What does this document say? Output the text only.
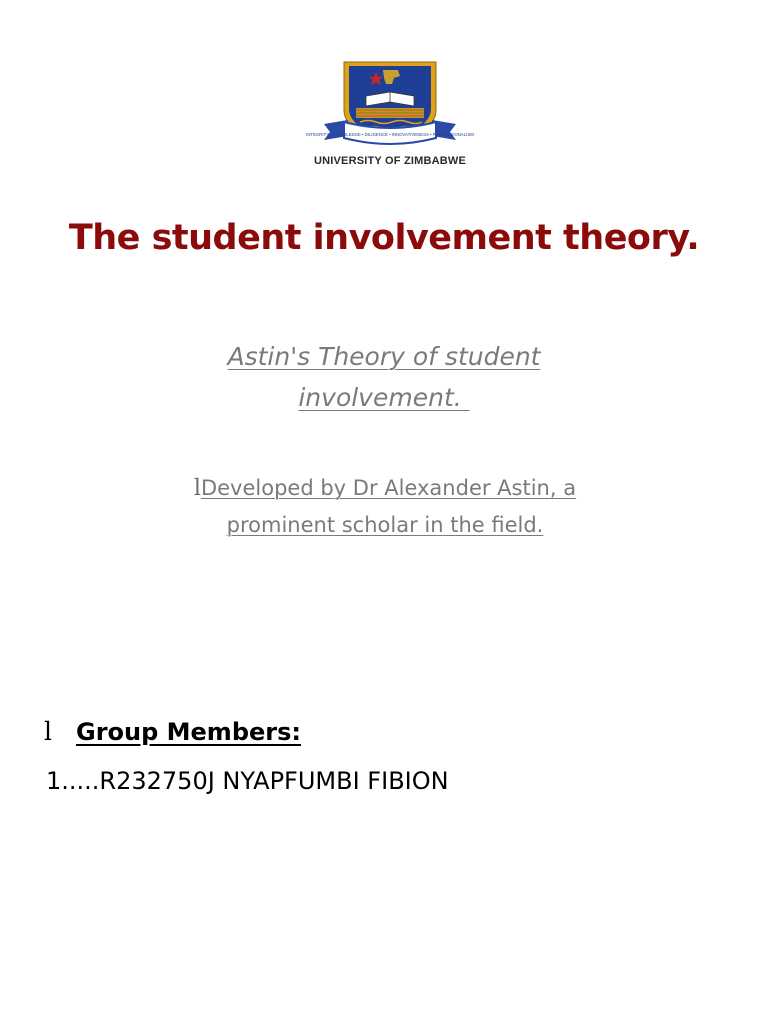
INTEGRITY • KNOWLEDGE • DILIGENCE • INNOVATIVENESS • PROFESSIONALISM
UNIVERSITY OF ZIMBABWE
The student involvement theory.
Astin's Theory of student
involvement.
lDeveloped by Dr Alexander Astin, a
prominent scholar in the field.
l	Group Members:
1.....R232750J NYAPFUMBI FIBION
